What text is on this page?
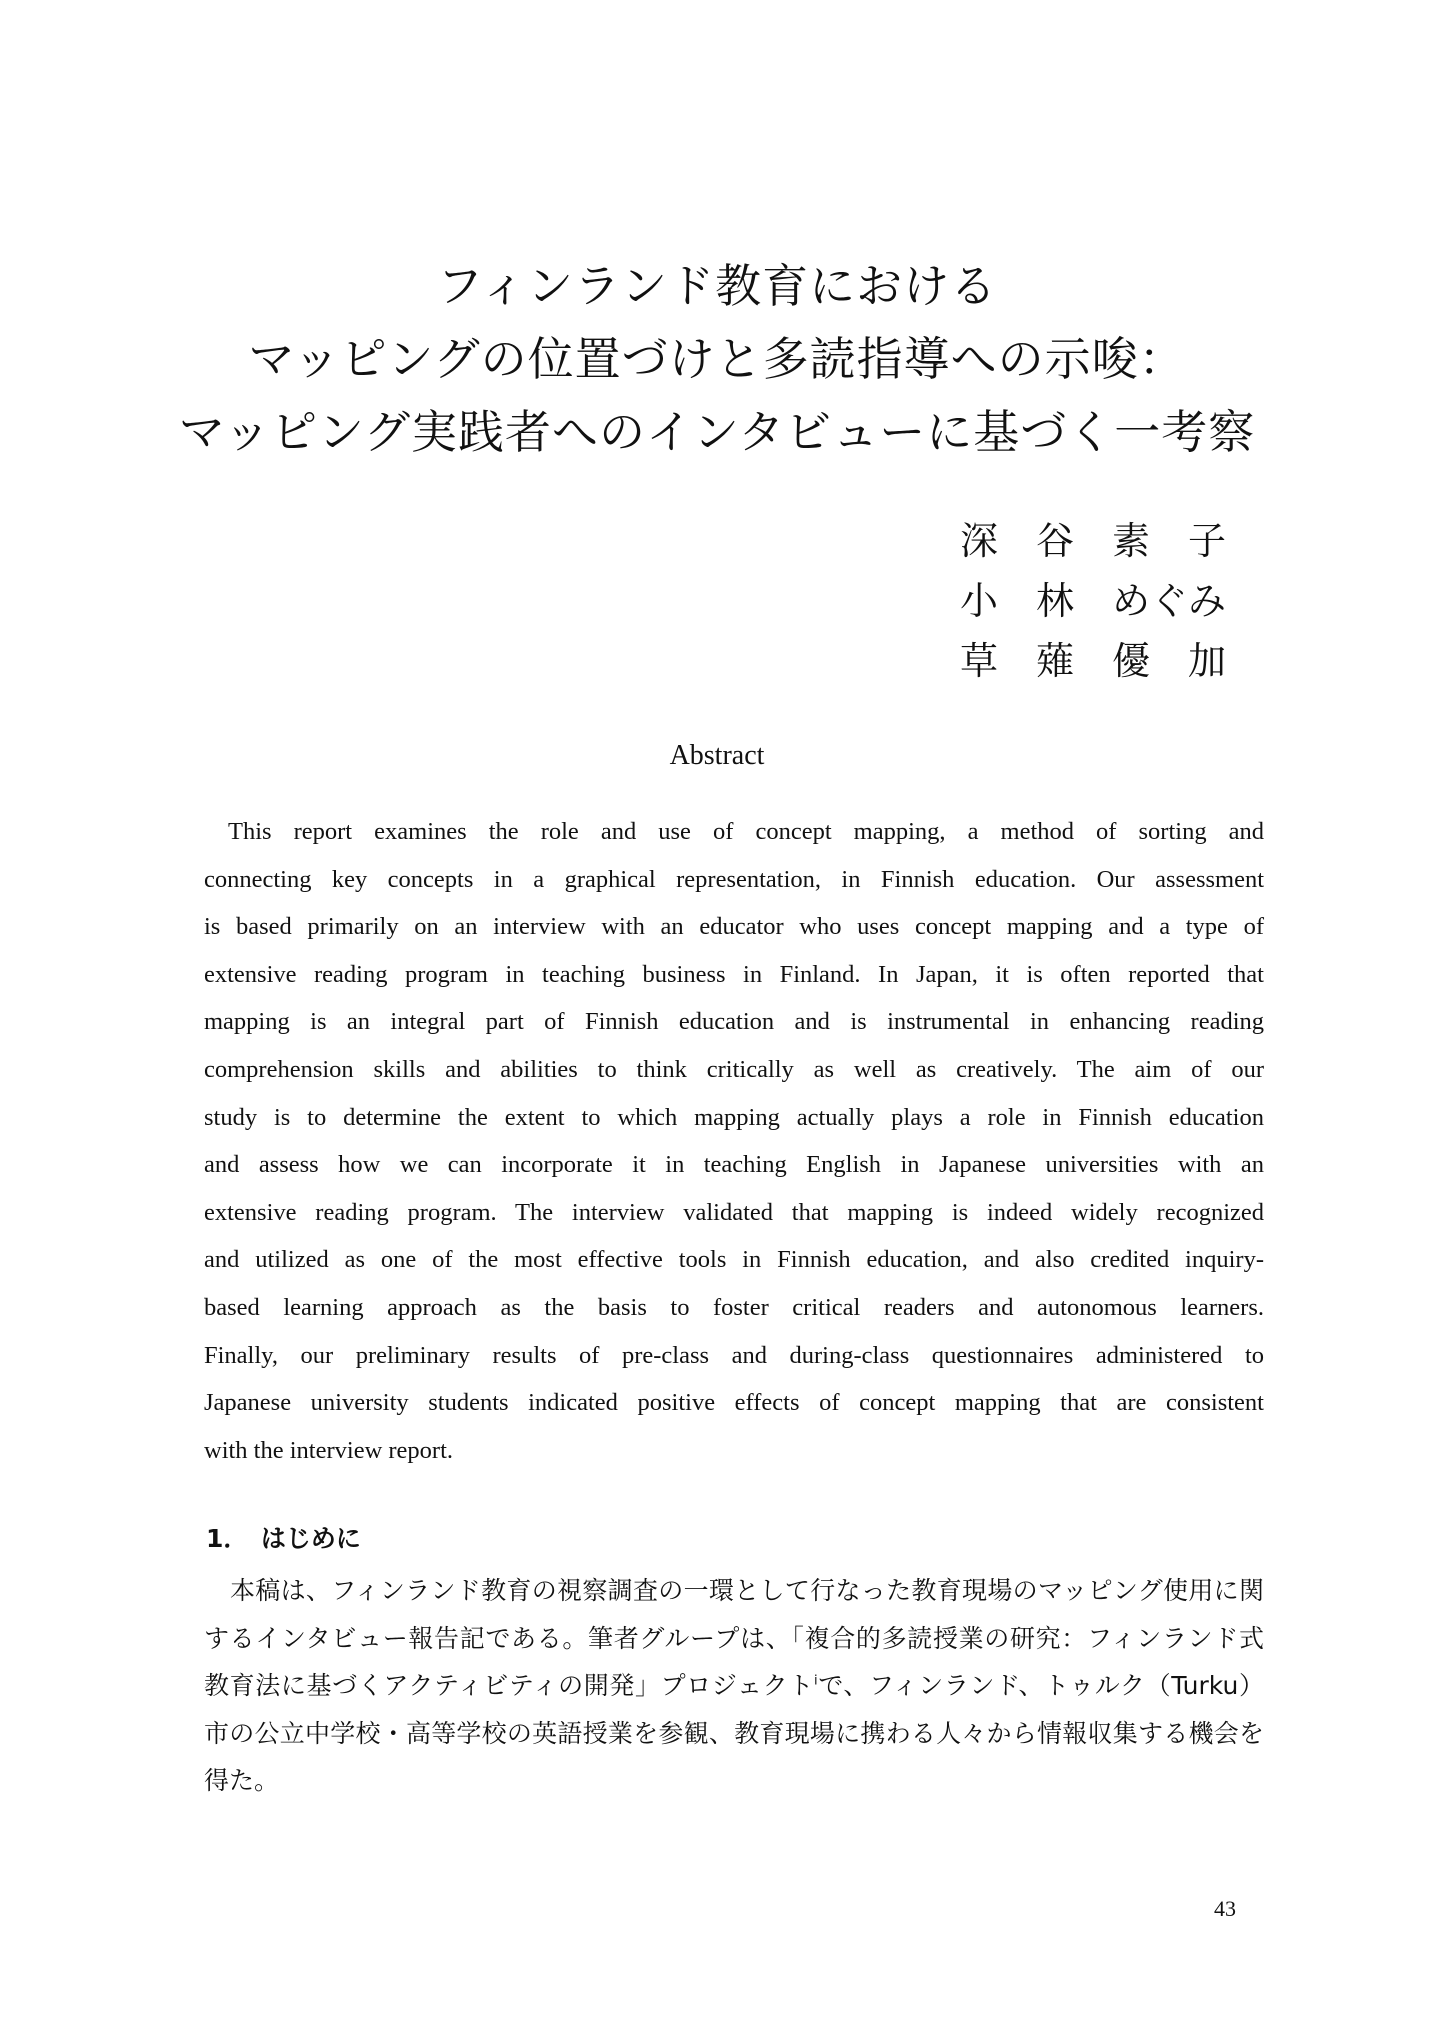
フィンランド教育における
マッピングの位置づけと多読指導への示唆：
マッピング実践者へのインタビューに基づく一考察
深　谷　素　子
小　林　めぐみ
草　薙　優　加
Abstract
This report examines the role and use of concept mapping, a method of sorting and
connecting key concepts in a graphical representation, in Finnish education. Our assessment
is based primarily on an interview with an educator who uses concept mapping and a type of
extensive reading program in teaching business in Finland. In Japan, it is often reported that
mapping is an integral part of Finnish education and is instrumental in enhancing reading
comprehension skills and abilities to think critically as well as creatively. The aim of our
study is to determine the extent to which mapping actually plays a role in Finnish education
and assess how we can incorporate it in teaching English in Japanese universities with an
extensive reading program. The interview validated that mapping is indeed widely recognized
and utilized as one of the most effective tools in Finnish education, and also credited inquiry-
based learning approach as the basis to foster critical readers and autonomous learners.
Finally, our preliminary results of pre-class and during-class questionnaires administered to
Japanese university students indicated positive effects of concept mapping that are consistent
with the interview report.
1．　はじめに
本稿は、フィンランド教育の視察調査の一環として行なった教育現場のマッピング使用に関
するインタビュー報告記である。筆者グループは、「複合的多読授業の研究：フィンランド式
教育法に基づくアクティビティの開発」プロジェクト$^i$で、フィンランド、トゥルク（Turku）
市の公立中学校・高等学校の英語授業を参観、教育現場に携わる人々から情報収集する機会を
得た。
43
